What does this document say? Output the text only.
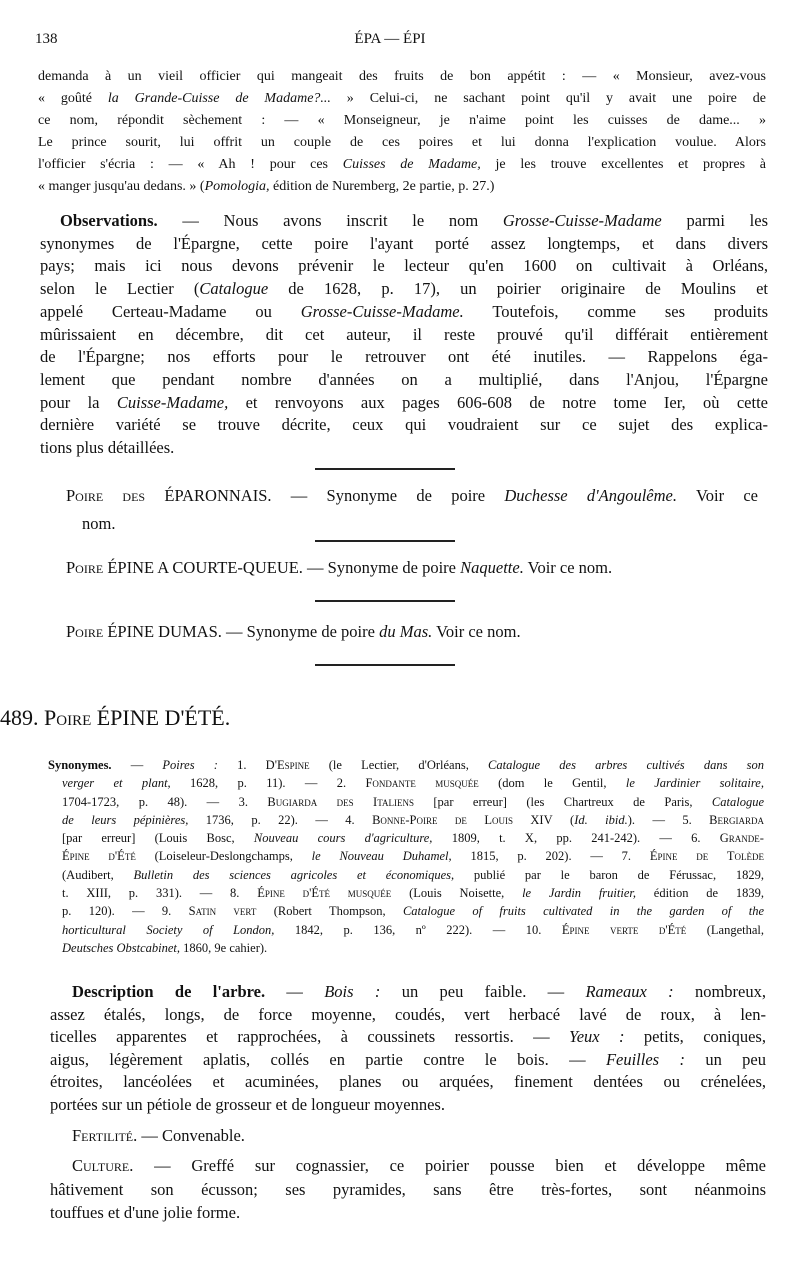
138	ÉPA — ÉPI
demanda à un vieil officier qui mangeait des fruits de bon appétit : — « Monsieur, avez-vous
« goûté la Grande-Cuisse de Madame?... » Celui-ci, ne sachant point qu'il y avait une poire de
ce nom, répondit sèchement : — « Monseigneur, je n'aime point les cuisses de dame... »
Le prince sourit, lui offrit un couple de ces poires et lui donna l'explication voulue. Alors
l'officier s'écria : — « Ah ! pour ces Cuisses de Madame, je les trouve excellentes et propres à
« manger jusqu'au dedans. » (Pomologia, édition de Nuremberg, 2e partie, p. 27.)
Observations. — Nous avons inscrit le nom Grosse-Cuisse-Madame parmi les
synonymes de l'Épargne, cette poire l'ayant porté assez longtemps, et dans divers
pays; mais ici nous devons prévenir le lecteur qu'en 1600 on cultivait à Orléans,
selon le Lectier (Catalogue de 1628, p. 17), un poirier originaire de Moulins et
appelé Certeau-Madame ou Grosse-Cuisse-Madame. Toutefois, comme ses produits
mûrissaient en décembre, dit cet auteur, il reste prouvé qu'il différait entièrement
de l'Épargne; nos efforts pour le retrouver ont été inutiles. — Rappelons éga-
lement que pendant nombre d'années on a multiplié, dans l'Anjou, l'Épargne
pour la Cuisse-Madame, et renvoyons aux pages 606-608 de notre tome Ier, où cette
dernière variété se trouve décrite, ceux qui voudraient sur ce sujet des explica-
tions plus détaillées.
Poire des ÉPARONNAIS. — Synonyme de poire Duchesse d'Angoulême. Voir ce
nom.
Poire ÉPINE A COURTE-QUEUE. — Synonyme de poire Naquette. Voir ce nom.
Poire ÉPINE DUMAS. — Synonyme de poire du Mas. Voir ce nom.
489. Poire ÉPINE D'ÉTÉ.
Synonymes. — Poires : 1. D'Espine (le Lectier, d'Orléans, Catalogue des arbres cultivés dans son
verger et plant, 1628, p. 11). — 2. Fondante musquée (dom le Gentil, le Jardinier solitaire,
1704-1723, p. 48). — 3. Bugiarda des Italiens [par erreur] (les Chartreux de Paris, Catalogue
de leurs pépinières, 1736, p. 22). — 4. Bonne-Poire de Louis XIV (Id. ibid.). — 5. Bergiarda
[par erreur] (Louis Bosc, Nouveau cours d'agriculture, 1809, t. X, pp. 241-242). — 6. Grande-
Épine d'Été (Loiseleur-Deslongchamps, le Nouveau Duhamel, 1815, p. 202). — 7. Épine de Tolède
(Audibert, Bulletin des sciences agricoles et économiques, publié par le baron de Férussac, 1829,
t. XIII, p. 331). — 8. Épine d'Été musquée (Louis Noisette, le Jardin fruitier, édition de 1839,
p. 120). — 9. Satin vert (Robert Thompson, Catalogue of fruits cultivated in the garden of the
horticultural Society of London, 1842, p. 136, nº 222). — 10. Épine verte d'Été (Langethal,
Deutsches Obstcabinet, 1860, 9e cahier).
Description de l'arbre. — Bois : un peu faible. — Rameaux : nombreux,
assez étalés, longs, de force moyenne, coudés, vert herbacé lavé de roux, à len-
ticelles apparentes et rapprochées, à coussinets ressortis. — Yeux : petits, coniques,
aigus, légèrement aplatis, collés en partie contre le bois. — Feuilles : un peu
étroites, lancéolées et acuminées, planes ou arquées, finement dentées ou crénelées,
portées sur un pétiole de grosseur et de longueur moyennes.
Fertilité. — Convenable.
Culture. — Greffé sur cognassier, ce poirier pousse bien et développe même
hâtivement son écusson; ses pyramides, sans être très-fortes, sont néanmoins
touffues et d'une jolie forme.
